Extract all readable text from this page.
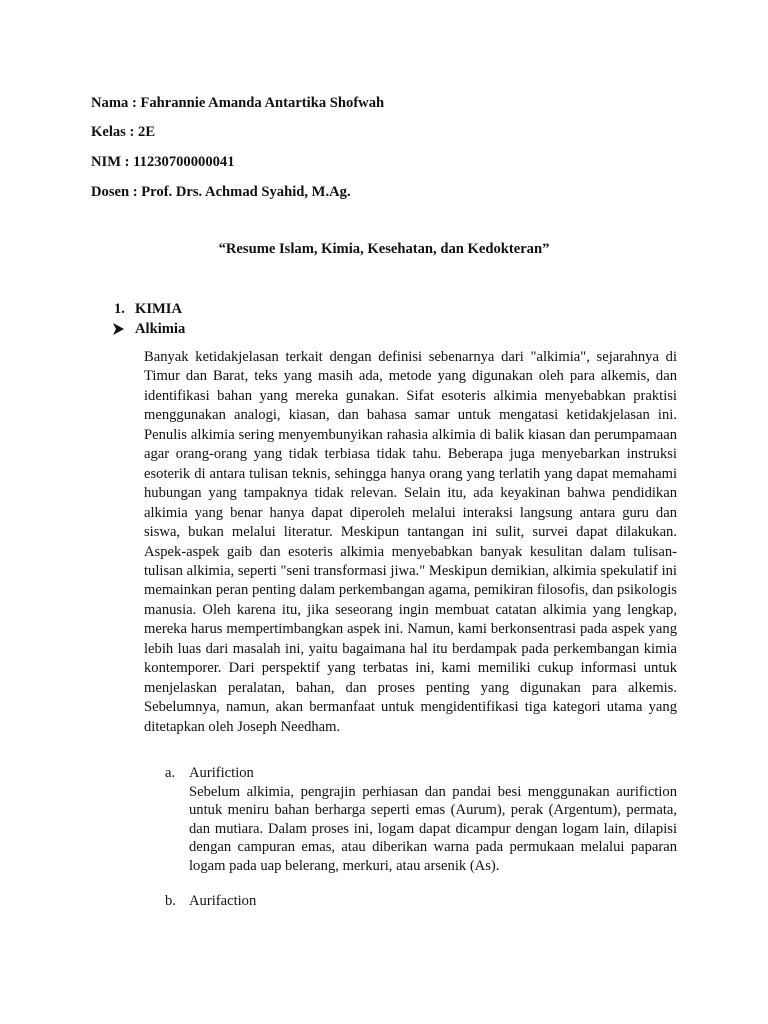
Nama : Fahrannie Amanda Antartika Shofwah
Kelas : 2E
NIM : 11230700000041
Dosen : Prof. Drs. Achmad Syahid, M.Ag.
“Resume Islam, Kimia, Kesehatan, dan Kedokteran”
1. KIMIA
Alkimia

Banyak ketidakjelasan terkait dengan definisi sebenarnya dari "alkimia", sejarahnya di Timur dan Barat, teks yang masih ada, metode yang digunakan oleh para alkemis, dan identifikasi bahan yang mereka gunakan. Sifat esoteris alkimia menyebabkan praktisi menggunakan analogi, kiasan, dan bahasa samar untuk mengatasi ketidakjelasan ini. Penulis alkimia sering menyembunyikan rahasia alkimia di balik kiasan dan perumpamaan agar orang-orang yang tidak terbiasa tidak tahu. Beberapa juga menyebarkan instruksi esoterik di antara tulisan teknis, sehingga hanya orang yang terlatih yang dapat memahami hubungan yang tampaknya tidak relevan. Selain itu, ada keyakinan bahwa pendidikan alkimia yang benar hanya dapat diperoleh melalui interaksi langsung antara guru dan siswa, bukan melalui literatur. Meskipun tantangan ini sulit, survei dapat dilakukan. Aspek-aspek gaib dan esoteris alkimia menyebabkan banyak kesulitan dalam tulisan-tulisan alkimia, seperti "seni transformasi jiwa." Meskipun demikian, alkimia spekulatif ini memainkan peran penting dalam perkembangan agama, pemikiran filosofis, dan psikologis manusia. Oleh karena itu, jika seseorang ingin membuat catatan alkimia yang lengkap, mereka harus mempertimbangkan aspek ini. Namun, kami berkonsentrasi pada aspek yang lebih luas dari masalah ini, yaitu bagaimana hal itu berdampak pada perkembangan kimia kontemporer. Dari perspektif yang terbatas ini, kami memiliki cukup informasi untuk menjelaskan peralatan, bahan, dan proses penting yang digunakan para alkemis. Sebelumnya, namun, akan bermanfaat untuk mengidentifikasi tiga kategori utama yang ditetapkan oleh Joseph Needham.

a. Aurifiction

Sebelum alkimia, pengrajin perhiasan dan pandai besi menggunakan aurifiction untuk meniru bahan berharga seperti emas (Aurum), perak (Argentum), permata, dan mutiara. Dalam proses ini, logam dapat dicampur dengan logam lain, dilapisi dengan campuran emas, atau diberikan warna pada permukaan melalui paparan logam pada uap belerang, merkuri, atau arsenik (As).

b. Aurifaction
